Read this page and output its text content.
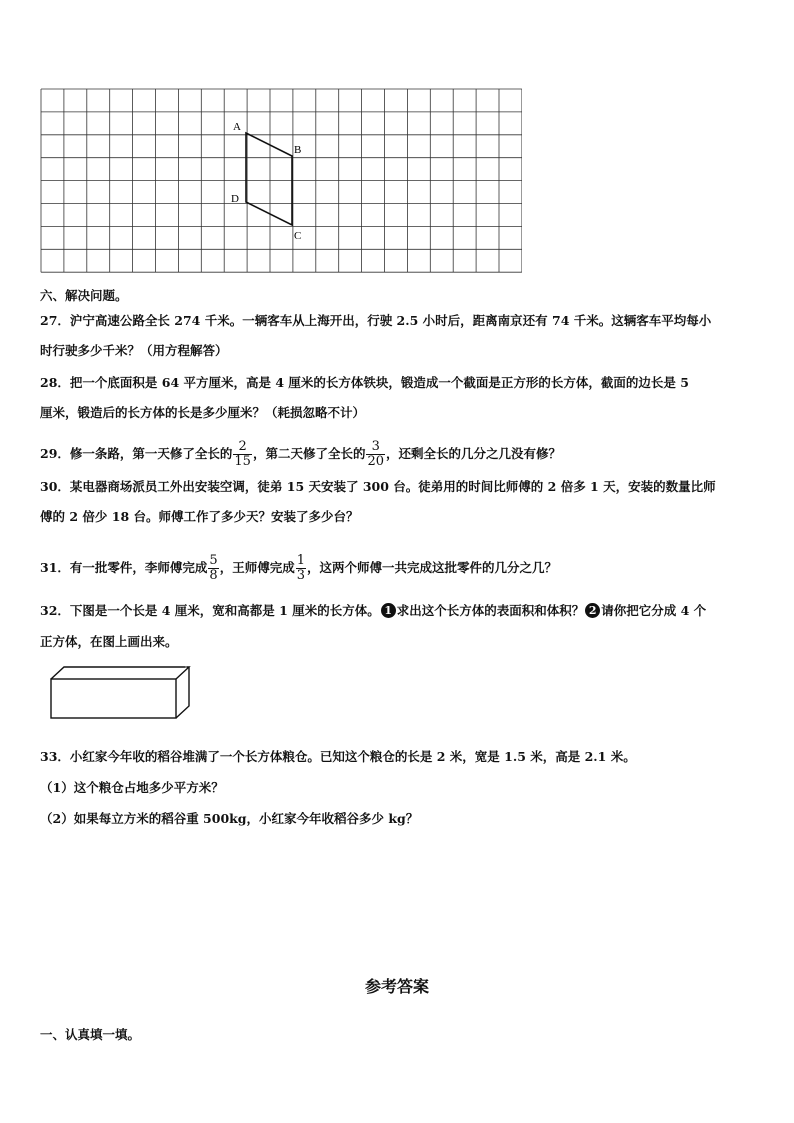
A
B
D
C
六、解决问题。
27．沪宁高速公路全长 274 千米。一辆客车从上海开出，行驶 2.5 小时后，距离南京还有 74 千米。这辆客车平均每小
时行驶多少千米？（用方程解答）
28．把一个底面积是 64 平方厘米，高是 4 厘米的长方体铁块，锻造成一个截面是正方形的长方体，截面的边长是 5
厘米，锻造后的长方体的长是多少厘米？（耗损忽略不计）
29．修一条路，第一天修了全长的 $\frac{2}{15}$ ，第二天修了全长的 $\frac{3}{20}$ ，还剩全长的几分之几没有修？
30．某电器商场派员工外出安装空调，徒弟 15 天安装了 300 台。徒弟用的时间比师傅的 2 倍多 1 天，安装的数量比师
傅的 2 倍少 18 台。师傅工作了多少天？安装了多少台？
31．有一批零件，李师傅完成 $\frac{5}{8}$ ，王师傅完成 $\frac{1}{3}$ ，这两个师傅一共完成这批零件的几分之几？
32．下图是一个长是 4 厘米，宽和高都是 1 厘米的长方体。 1 求出这个长方体的表面积和体积？ 2 请你把它分成 4 个
正方体，在图上画出来。
33．小红家今年收的稻谷堆满了一个长方体粮仓。已知这个粮仓的长是 2 米，宽是 1.5 米，高是 2.1 米。
（1）这个粮仓占地多少平方米？
（2）如果每立方米的稻谷重 500kg，小红家今年收稻谷多少 kg？
参考答案
一、认真填一填。
